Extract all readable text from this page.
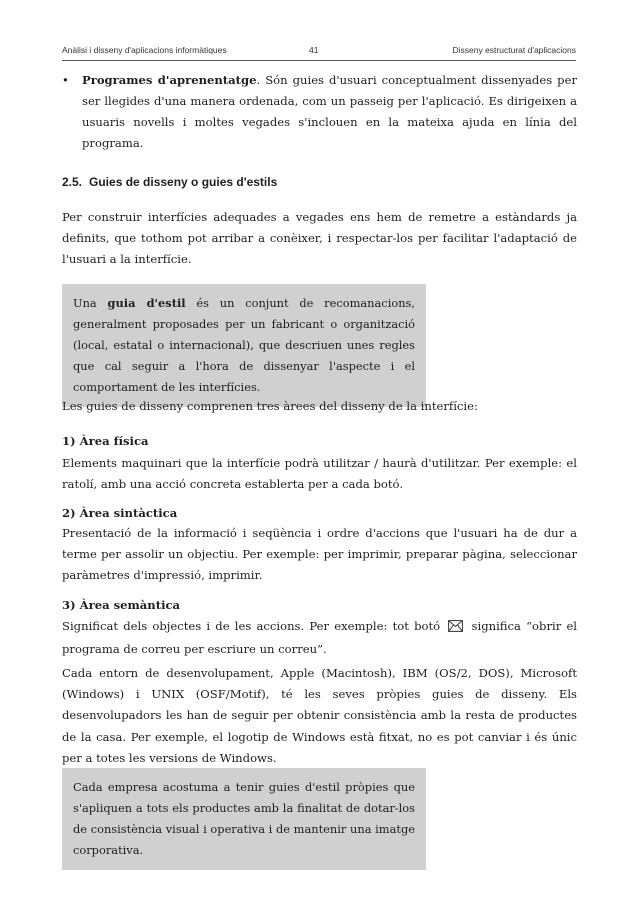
Anàlisi i disseny d'aplicacions informàtiques	41	Disseny estructurat d'aplicacions
• Programes d'aprenentatge. Són guies d'usuari conceptualment dissenyades per ser llegides d'una manera ordenada, com un passeig per l'aplicació. Es dirigeixen a usuaris novells i moltes vegades s'inclouen en la mateixa ajuda en línia del programa.
2.5. Guies de disseny o guies d'estils
Per construir interfícies adequades a vegades ens hem de remetre a estàndards ja definits, que tothom pot arribar a conèixer, i respectar-los per facilitar l'adaptació de l'usuari a la interfície.
Una guia d'estil és un conjunt de recomanacions, generalment proposades per un fabricant o organització (local, estatal o internacional), que descriuen unes regles que cal seguir a l'hora de dissenyar l'aspecte i el comportament de les interfícies.
Les guies de disseny comprenen tres àrees del disseny de la interfície:
1) Àrea física
Elements maquinari que la interfície podrà utilitzar / haurà d'utilitzar. Per exemple: el ratolí, amb una acció concreta establerta per a cada botó.
2) Àrea sintàctica
Presentació de la informació i seqüència i ordre d'accions que l'usuari ha de dur a terme per assolir un objectiu. Per exemple: per imprimir, preparar pàgina, seleccionar paràmetres d'impressió, imprimir.
3) Àrea semàntica
Significat dels objectes i de les accions. Per exemple: tot botó	significa “obrir el programa de correu per escriure un correu”.
Cada entorn de desenvolupament, Apple (Macintosh), IBM (OS/2, DOS), Microsoft (Windows) i UNIX (OSF/Motif), té les seves pròpies guies de disseny. Els desenvolupadors les han de seguir per obtenir consistència amb la resta de productes de la casa. Per exemple, el logotip de Windows està fitxat, no es pot canviar i és únic per a totes les versions de Windows.
Cada empresa acostuma a tenir guies d'estil pròpies que s'apliquen a tots els productes amb la finalitat de dotar-los de consistència visual i operativa i de mantenir una imatge corporativa.
